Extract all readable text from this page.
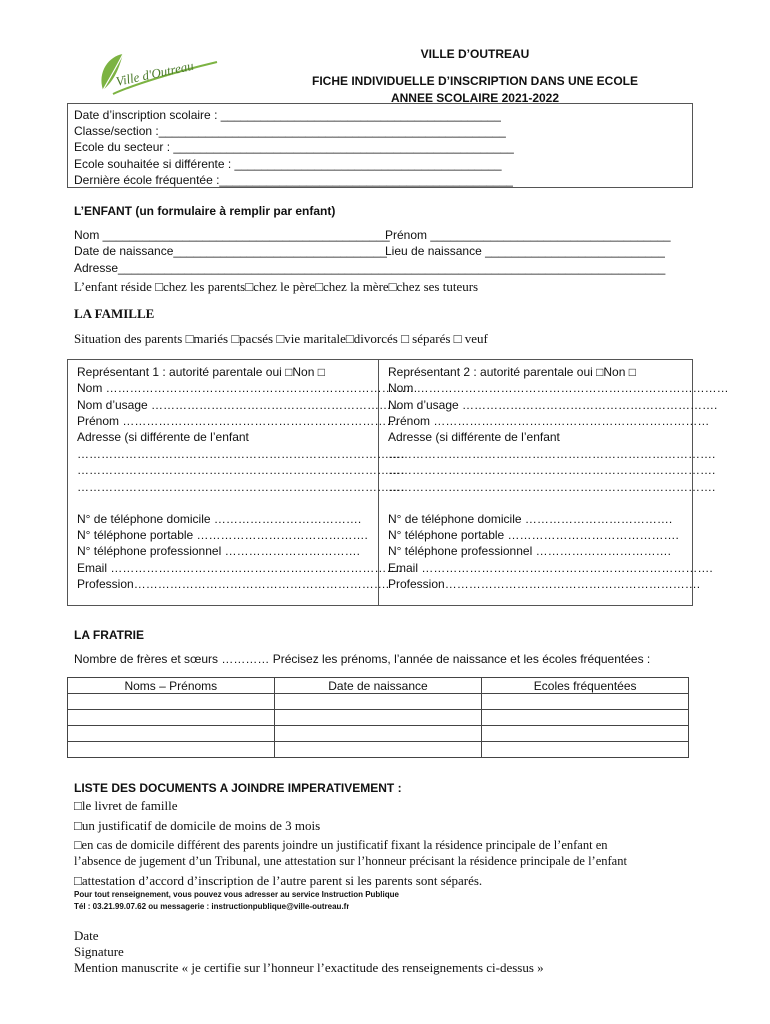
Ville d'Outreau
VILLE D’OUTREAU
FICHE INDIVIDUELLE D’INSCRIPTION DANS UNE ECOLE
ANNEE SCOLAIRE 2021-2022
Date d’inscription scolaire : __________________________________________
Classe/section :____________________________________________________
Ecole du secteur : ___________________________________________________
Ecole souhaitée si différente : ________________________________________
Dernière école fréquentée :____________________________________________
L’ENFANT (un formulaire à remplir par enfant)
Nom ___________________________________________
Prénom ____________________________________
Date de naissance________________________________
Lieu de naissance ___________________________
Adresse__________________________________________________________________________________
L’enfant réside □chez les parents□chez le père□chez la mère□chez ses tuteurs
LA FAMILLE
Situation des parents □mariés □pacsés □vie maritale□divorcés □ séparés □ veuf
Représentant 1 : autorité parentale oui □Non □
Nom ……………………………………………………………………
Nom d’usage ……………………………………………………….
Prénom ……………………………………………………………
Adresse (si différente de l’enfant
……………………………………………………………………….
……………………………………………………………………….
……………………………………………………………………….
N° de téléphone domicile ……………………………….
N° téléphone portable …………………………………….
N° téléphone professionnel …………………………….
Email ……………………………………………………………….
Profession……………………………………………………….
Représentant 2 : autorité parentale oui □Non □
Nom ……………………………………………………………………
Nom d’usage ……………………………………………………….
Prénom ……………………………………………………………
Adresse (si différente de l’enfant
……………………………………………………………………….
……………………………………………………………………….
……………………………………………………………………….
N° de téléphone domicile ……………………………….
N° téléphone portable …………………………………….
N° téléphone professionnel …………………………….
Email ……………………………………………………………….
Profession……………………………………………………….
LA FRATRIE
Nombre de frères et sœurs ………… Précisez les prénoms, l’année de naissance et les écoles fréquentées :
Noms – Prénoms	Date de naissance	Ecoles fréquentées

LISTE DES DOCUMENTS A JOINDRE IMPERATIVEMENT :
□le livret de famille
□un justificatif de domicile de moins de 3 mois
□en cas de domicile différent des parents joindre un justificatif fixant la résidence principale de l’enfant en
l’absence de jugement d’un Tribunal, une attestation sur l’honneur précisant la résidence principale de l’enfant
□attestation d’accord d’inscription de l’autre parent si les parents sont séparés.
Pour tout renseignement, vous pouvez vous adresser au service Instruction Publique
Tél : 03.21.99.07.62 ou messagerie : instructionpublique@ville-outreau.fr
Date
Signature
Mention manuscrite « je certifie sur l’honneur l’exactitude des renseignements ci-dessus »
